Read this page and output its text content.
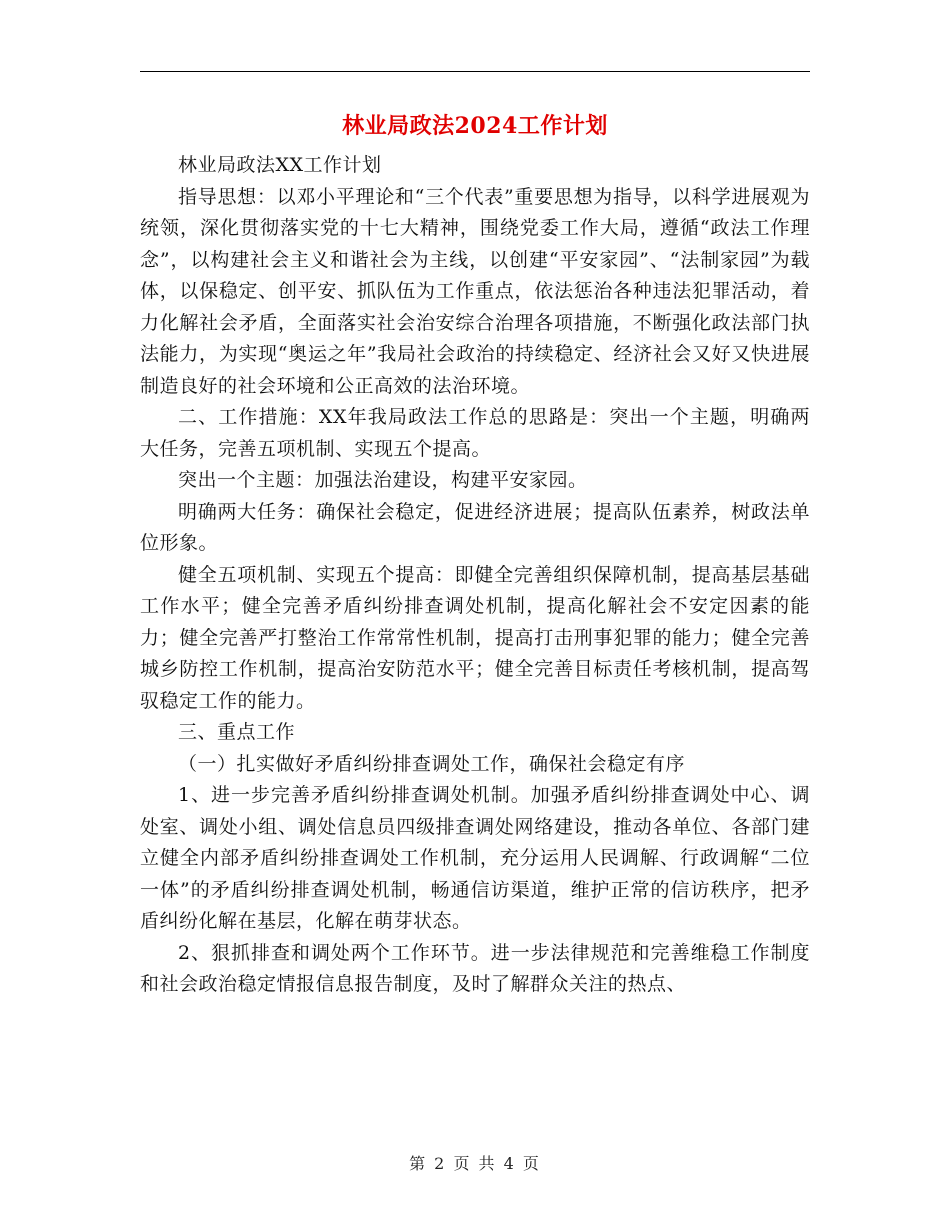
林业局政法2024工作计划

林业局政法XX工作计划

指导思想：以邓小平理论和“三个代表”重要思想为指导，以科学进展观为统领，深化贯彻落实党的十七大精神，围绕党委工作大局，遵循“政法工作理念”，以构建社会主义和谐社会为主线，以创建“平安家园”、“法制家园”为载体，以保稳定、创平安、抓队伍为工作重点，依法惩治各种违法犯罪活动，着力化解社会矛盾，全面落实社会治安综合治理各项措施，不断强化政法部门执法能力，为实现“奥运之年”我局社会政治的持续稳定、经济社会又好又快进展制造良好的社会环境和公正高效的法治环境。

二、工作措施：XX年我局政法工作总的思路是：突出一个主题，明确两大任务，完善五项机制、实现五个提高。

突出一个主题：加强法治建设，构建平安家园。

明确两大任务：确保社会稳定，促进经济进展；提高队伍素养，树政法单位形象。

健全五项机制、实现五个提高：即健全完善组织保障机制，提高基层基础工作水平；健全完善矛盾纠纷排查调处机制，提高化解社会不安定因素的能力；健全完善严打整治工作常常性机制，提高打击刑事犯罪的能力；健全完善城乡防控工作机制，提高治安防范水平；健全完善目标责任考核机制，提高驾驭稳定工作的能力。

三、重点工作

（一）扎实做好矛盾纠纷排查调处工作，确保社会稳定有序

1、进一步完善矛盾纠纷排查调处机制。加强矛盾纠纷排查调处中心、调处室、调处小组、调处信息员四级排查调处网络建设，推动各单位、各部门建立健全内部矛盾纠纷排查调处工作机制，充分运用人民调解、行政调解“二位一体”的矛盾纠纷排查调处机制，畅通信访渠道，维护正常的信访秩序，把矛盾纠纷化解在基层，化解在萌芽状态。

2、狠抓排查和调处两个工作环节。进一步法律规范和完善维稳工作制度和社会政治稳定情报信息报告制度，及时了解群众关注的热点、

第 2 页 共 4 页
